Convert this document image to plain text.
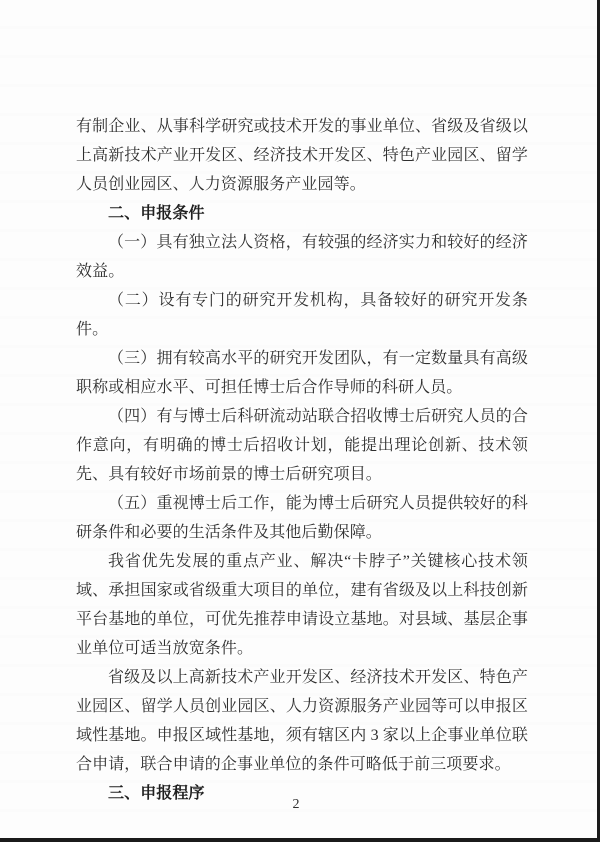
有制企业、从事科学研究或技术开发的事业单位、省级及省级以上高新技术产业开发区、经济技术开发区、特色产业园区、留学人员创业园区、人力资源服务产业园等。

二、申报条件

（一）具有独立法人资格，有较强的经济实力和较好的经济效益。

（二）设有专门的研究开发机构，具备较好的研究开发条件。

（三）拥有较高水平的研究开发团队，有一定数量具有高级职称或相应水平、可担任博士后合作导师的科研人员。

（四）有与博士后科研流动站联合招收博士后研究人员的合作意向，有明确的博士后招收计划，能提出理论创新、技术领先、具有较好市场前景的博士后研究项目。

（五）重视博士后工作，能为博士后研究人员提供较好的科研条件和必要的生活条件及其他后勤保障。

我省优先发展的重点产业、解决“卡脖子”关键核心技术领域、承担国家或省级重大项目的单位，建有省级及以上科技创新平台基地的单位，可优先推荐申请设立基地。对县域、基层企事业单位可适当放宽条件。

省级及以上高新技术产业开发区、经济技术开发区、特色产业园区、留学人员创业园区、人力资源服务产业园等可以申报区域性基地。申报区域性基地，须有辖区内 3 家以上企事业单位联合申请，联合申请的企事业单位的条件可略低于前三项要求。

三、申报程序

2
